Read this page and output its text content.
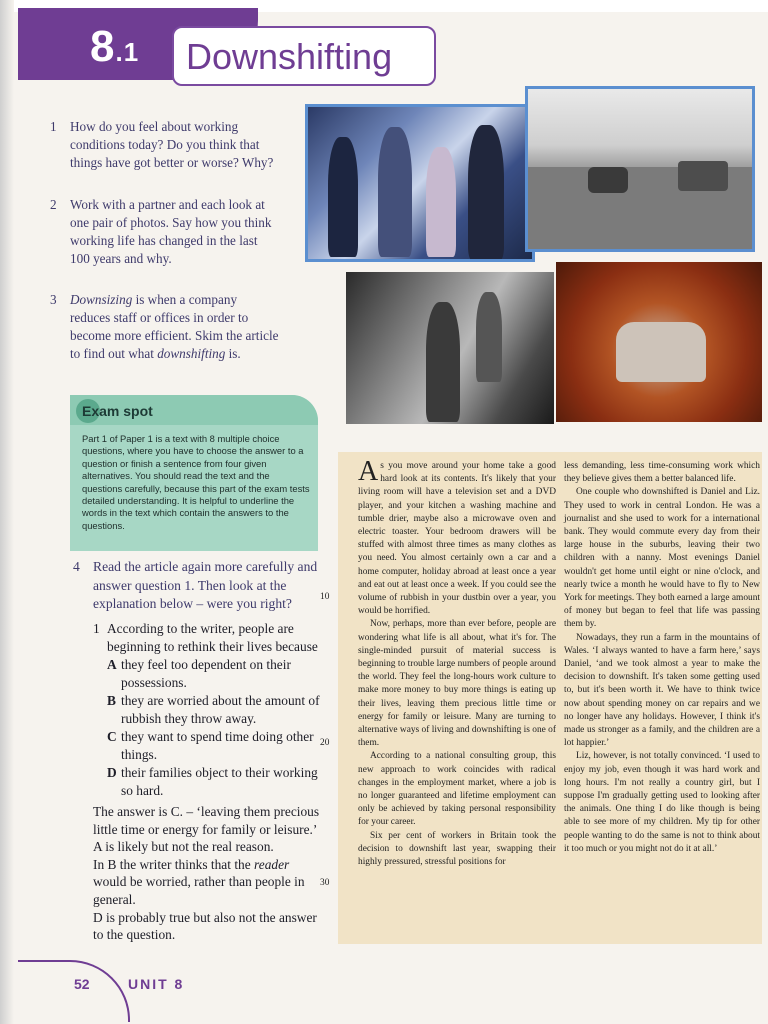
8.1 Downshifting
1 How do you feel about working conditions today? Do you think that things have got better or worse? Why?
2 Work with a partner and each look at one pair of photos. Say how you think working life has changed in the last 100 years and why.
3 Downsizing is when a company reduces staff or offices in order to become more efficient. Skim the article to find out what downshifting is.
Exam spot
Part 1 of Paper 1 is a text with 8 multiple choice questions, where you have to choose the answer to a question or finish a sentence from four given alternatives. You should read the text and the questions carefully, because this part of the exam tests detailed understanding. It is helpful to underline the words in the text which contain the answers to the questions.
4 Read the article again more carefully and answer question 1. Then look at the explanation below – were you right?
1 According to the writer, people are beginning to rethink their lives because
A they feel too dependent on their possessions.
B they are worried about the amount of rubbish they throw away.
C they want to spend time doing other things.
D their families object to their working so hard.

The answer is C. – ‘leaving them precious little time or energy for family or leisure.’

A is likely but not the real reason.

In B the writer thinks that the reader would be worried, rather than people in general.

D is probably true but also not the answer to the question.

10
20
30

As you move around your home take a good hard look at its contents. It's likely that your living room will have a television set and a DVD player, and your kitchen a washing machine and tumble drier, maybe also a microwave oven and electric toaster. Your bedroom drawers will be stuffed with almost three times as many clothes as you need. You almost certainly own a car and a home computer, holiday abroad at least once a year and eat out at least once a week. If you could see the volume of rubbish in your dustbin over a year, you would be horrified.

Now, perhaps, more than ever before, people are wondering what life is all about, what it's for. The single-minded pursuit of material success is beginning to trouble large numbers of people around the world. They feel the long-hours work culture to make more money to buy more things is eating up their lives, leaving them precious little time or energy for family or leisure. Many are turning to alternative ways of living and downshifting is one of them.

According to a national consulting group, this new approach to work coincides with radical changes in the employment market, where a job is no longer guaranteed and lifetime employment can only be achieved by taking personal responsibility for your career.

Six per cent of workers in Britain took the decision to downshift last year, swapping their highly pressured, stressful positions for

less demanding, less time-consuming work which they believe gives them a better balanced life.

One couple who downshifted is Daniel and Liz. They used to work in central London. He was a journalist and she used to work for a international bank. They would commute every day from their large house in the suburbs, leaving their two children with a nanny. Most evenings Daniel wouldn't get home until eight or nine o'clock, and nearly twice a month he would have to fly to New York for meetings. They both earned a large amount of money but began to feel that life was passing them by.

Nowadays, they run a farm in the mountains of Wales. ‘I always wanted to have a farm here,’ says Daniel, ‘and we took almost a year to make the decision to downshift. It's taken some getting used to, but it's been worth it. We have to think twice now about spending money on car repairs and we no longer have any holidays. However, I think it's made us stronger as a family, and the children are a lot happier.’

Liz, however, is not totally convinced. ‘I used to enjoy my job, even though it was hard work and long hours. I'm not really a country girl, but I suppose I'm gradually getting used to looking after the animals. One thing I do like though is being able to see more of my children. My tip for other people wanting to do the same is not to think about it too much or you might not do it at all.’

52	UNIT 8
